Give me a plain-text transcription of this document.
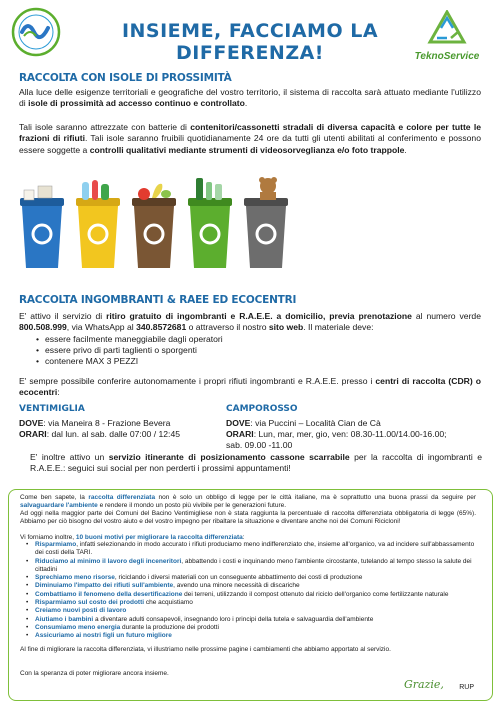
INSIEME, FACCIAMO LA DIFFERENZA!	TeknoService
RACCOLTA CON ISOLE DI PROSSIMITÀ
Alla luce delle esigenze territoriali e geografiche del vostro territorio, il sistema di raccolta sarà attuato mediante l'utilizzo di isole di prossimità ad accesso continuo e controllato.
Tali isole saranno attrezzate con batterie di contenitori/cassonetti stradali di diversa capacità e colore per tutte le frazioni di rifiuti. Tali isole saranno fruibili quotidianamente 24 ore da tutti gli utenti abilitati al conferimento e possono essere soggette a controlli qualitativi mediante strumenti di videosorveglianza e/o foto trappole.
RACCOLTA INGOMBRANTI & RAEE ED ECOCENTRI
E' attivo il servizio di ritiro gratuito di ingombranti e R.A.E.E. a domicilio, previa prenotazione al numero verde 800.508.999, via WhatsApp al 340.8572681 o attraverso il nostro sito web. Il materiale deve:
• essere facilmente maneggiabile dagli operatori
• essere privo di parti taglienti o sporgenti
• contenere MAX 3 PEZZI
E' sempre possibile conferire autonomamente i propri rifiuti ingombranti e R.A.E.E. presso i centri di raccolta (CDR) o ecocentri:
VENTIMIGLIA
DOVE: via Maneira 8 - Frazione Bevera
ORARI: dal lun. al sab. dalle 07:00 / 12:45
CAMPOROSSO
DOVE: via Puccini – Località Cian de Cà
ORARI: Lun, mar, mer, gio, ven: 08.30-11.00/14.00-16.00;
sab. 09.00 -11.00
E' inoltre attivo un servizio itinerante di posizionamento cassone scarrabile per la raccolta di ingombranti e R.A.E.E.: seguici sui social per non perderti i prossimi appuntamenti!
Come ben sapete, la raccolta differenziata non è solo un obbligo di legge per le città italiane, ma è soprattutto una buona prassi da seguire per salvaguardare l'ambiente e rendere il mondo un posto più vivibile per le generazioni future.
Ad oggi nella maggior parte dei Comuni del Bacino Ventimigliese non è stata raggiunta la percentuale di raccolta differenziata obbligatoria di legge (65%). Abbiamo per ciò bisogno del vostro aiuto e del vostro impegno per ribaltare la situazione e diventare anche noi dei Comuni Ricicloni!
Vi forniamo inoltre, 10 buoni motivi per migliorare la raccolta differenziata:
• Risparmiamo, infatti selezionando in modo accurato i rifiuti produciamo meno indifferenziato che, insieme all'organico, va ad incidere sull'abbassamento dei costi della TARI.
• Riduciamo al minimo il lavoro degli inceneritori, abbattendo i costi e inquinando meno l'ambiente circostante, tutelando al tempo stesso la salute dei cittadini
• Sprechiamo meno risorse, riciclando i diversi materiali con un conseguente abbattimento dei costi di produzione
• Diminuiamo l'impatto dei rifiuti sull'ambiente, avendo una minore necessità di discariche
• Combattiamo il fenomeno della desertificazione dei terreni, utilizzando il compost ottenuto dal riciclo dell'organico come fertilizzante naturale
• Risparmiamo sul costo dei prodotti che acquistiamo
• Creiamo nuovi posti di lavoro
• Aiutiamo i bambini a diventare adulti consapevoli, insegnando loro i principi della tutela e salvaguardia dell'ambiente
• Consumiamo meno energia durante la produzione dei prodotti
• Assicuriamo ai nostri figli un futuro migliore
Al fine di migliorare la raccolta differenziata, vi illustriamo nelle prossime pagine i cambiamenti che abbiamo apportato al servizio.
Con la speranza di poter migliorare ancora insieme.
Grazie, RUP
